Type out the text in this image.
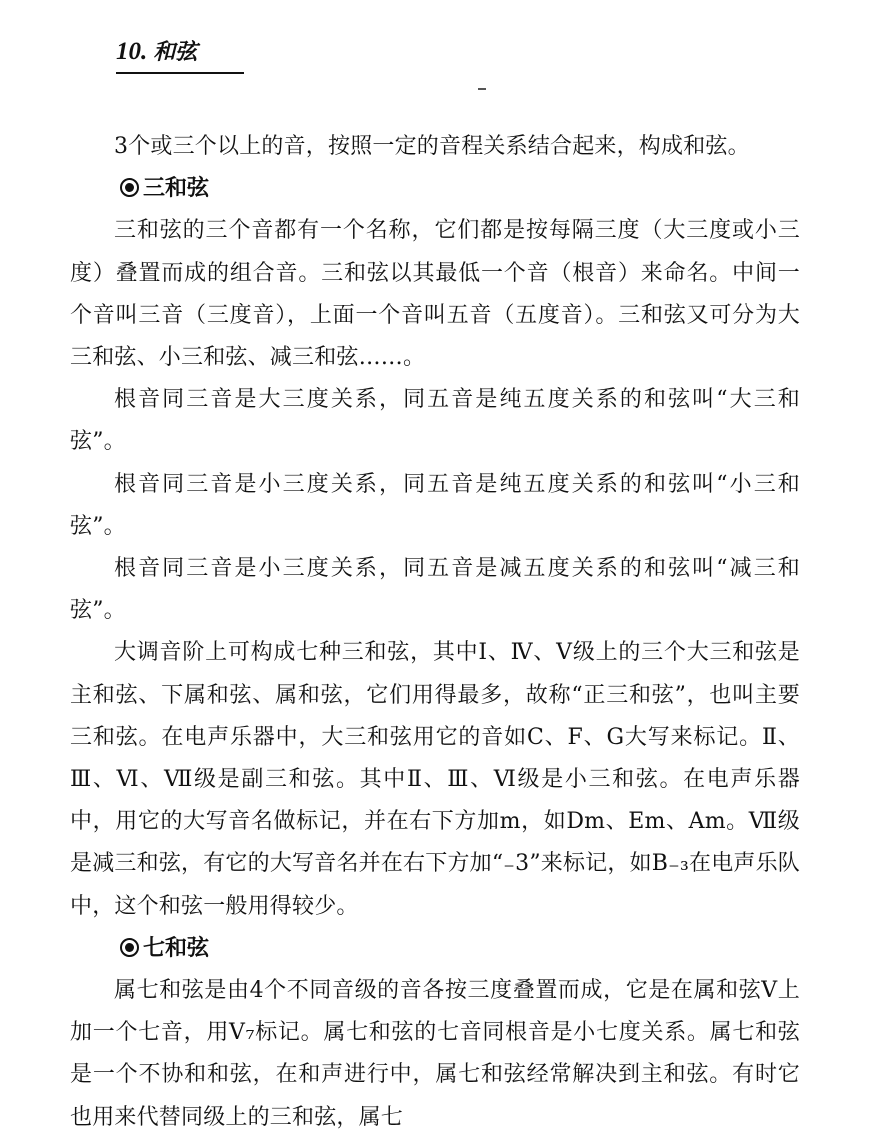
10. 和弦

3个或三个以上的音，按照一定的音程关系结合起来，构成和弦。

三和弦

三和弦的三个音都有一个名称，它们都是按每隔三度（大三度或小三度）叠置而成的组合音。三和弦以其最低一个音（根音）来命名。中间一个音叫三音（三度音），上面一个音叫五音（五度音）。三和弦又可分为大三和弦、小三和弦、减三和弦……。

根音同三音是大三度关系，同五音是纯五度关系的和弦叫“大三和弦”。

根音同三音是小三度关系，同五音是纯五度关系的和弦叫“小三和弦”。

根音同三音是小三度关系，同五音是减五度关系的和弦叫“减三和弦”。

大调音阶上可构成七种三和弦，其中Ⅰ、Ⅳ、Ⅴ级上的三个大三和弦是主和弦、下属和弦、属和弦，它们用得最多，故称“正三和弦”，也叫主要三和弦。在电声乐器中，大三和弦用它的音如C、F、G大写来标记。Ⅱ、Ⅲ、Ⅵ、Ⅶ级是副三和弦。其中Ⅱ、Ⅲ、Ⅵ级是小三和弦。在电声乐器中，用它的大写音名做标记，并在右下方加m，如Dm、Em、Am。Ⅶ级是减三和弦，有它的大写音名并在右下方加“₋3”来标记，如B₋₃在电声乐队中，这个和弦一般用得较少。

七和弦

属七和弦是由4个不同音级的音各按三度叠置而成，它是在属和弦Ⅴ上加一个七音，用Ⅴ₇标记。属七和弦的七音同根音是小七度关系。属七和弦是一个不协和和弦，在和声进行中，属七和弦经常解决到主和弦。有时它也用来代替同级上的三和弦，属七
